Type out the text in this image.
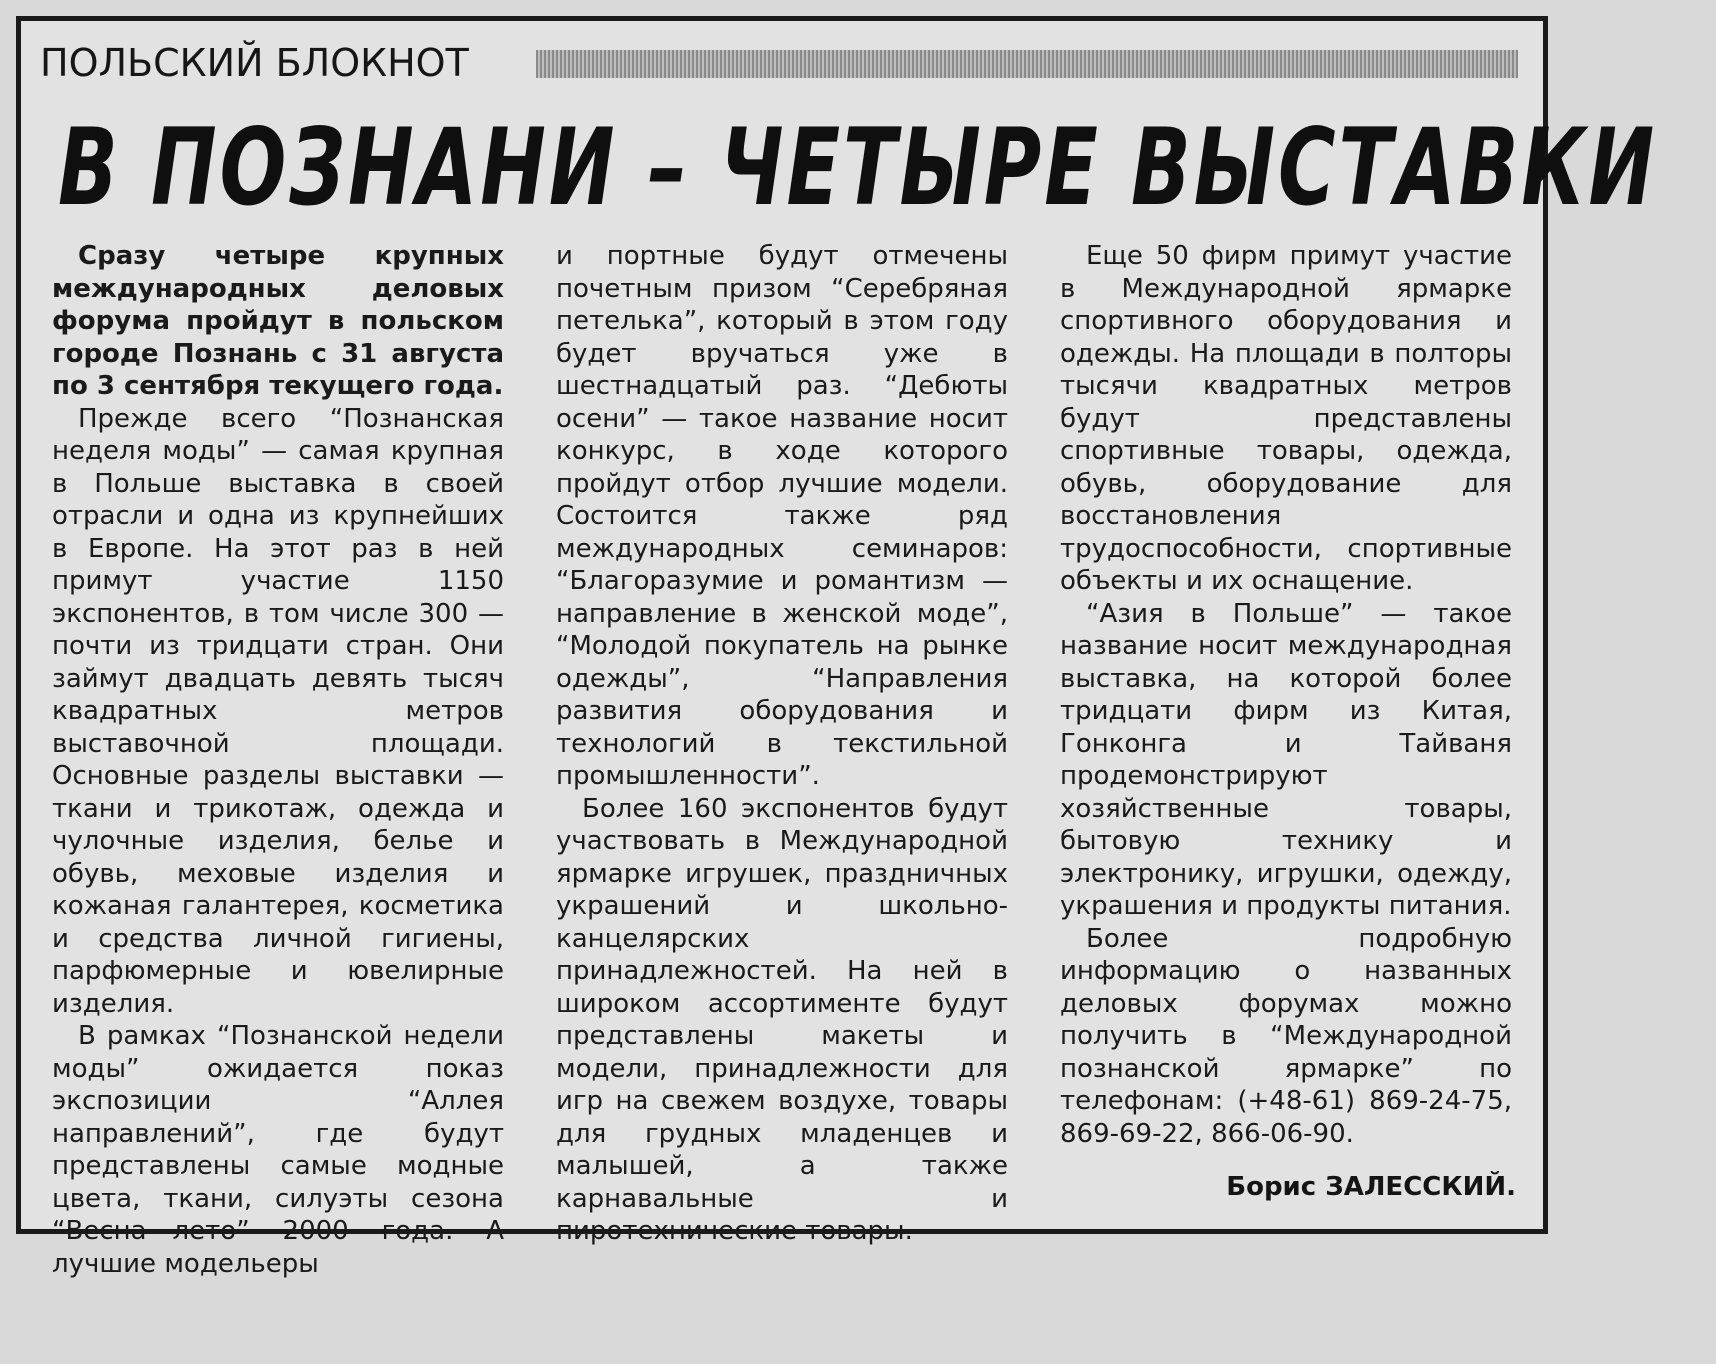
ПОЛЬСКИЙ БЛОКНОТ
В ПОЗНАНИ – ЧЕТЫРЕ ВЫСТАВКИ

Сразу четыре крупных международных деловых форума пройдут в польском городе Познань с 31 августа по 3 сентября текущего года.

Прежде всего “Познанская неделя моды” — самая крупная в Польше выставка в своей отрасли и одна из крупнейших в Европе. На этот раз в ней примут участие 1150 экспонентов, в том числе 300 — почти из тридцати стран. Они займут двадцать девять тысяч квадратных метров выставочной площади. Основные разделы выставки — ткани и трикотаж, одежда и чулочные изделия, белье и обувь, меховые изделия и кожаная галантерея, косметика и средства личной гигиены, парфюмерные и ювелирные изделия.

В рамках “Познанской недели моды” ожидается показ экспозиции “Аллея направлений”, где будут представлены самые модные цвета, ткани, силуэты сезона “Весна—лето” 2000 года. А лучшие модельеры

и портные будут отмечены почетным призом “Серебряная петелька”, который в этом году будет вручаться уже в шестнадцатый раз. “Дебюты осени” — такое название носит конкурс, в ходе которого пройдут отбор лучшие модели. Состоится также ряд международных семинаров: “Благоразумие и романтизм — направление в женской моде”, “Молодой покупатель на рынке одежды”, “Направления развития оборудования и технологий в текстильной промышленности”.

Более 160 экспонентов будут участвовать в Международной ярмарке игрушек, праздничных украшений и школьно-канцелярских принадлежностей. На ней в широком ассортименте будут представлены макеты и модели, принадлежности для игр на свежем воздухе, товары для грудных младенцев и малышей, а также карнавальные и пиротехнические товары.

Еще 50 фирм примут участие в Международной ярмарке спортивного оборудования и одежды. На площади в полторы тысячи квадратных метров будут представлены спортивные товары, одежда, обувь, оборудование для восстановления трудоспособности, спортивные объекты и их оснащение.

“Азия в Польше” — такое название носит международная выставка, на которой более тридцати фирм из Китая, Гонконга и Тайваня продемонстрируют хозяйственные товары, бытовую технику и электронику, игрушки, одежду, украшения и продукты питания.

Более подробную информацию о названных деловых форумах можно получить в “Международной познанской ярмарке” по телефонам: (+48-61) 869-24-75, 869-69-22, 866-06-90.

Борис ЗАЛЕССКИЙ.
